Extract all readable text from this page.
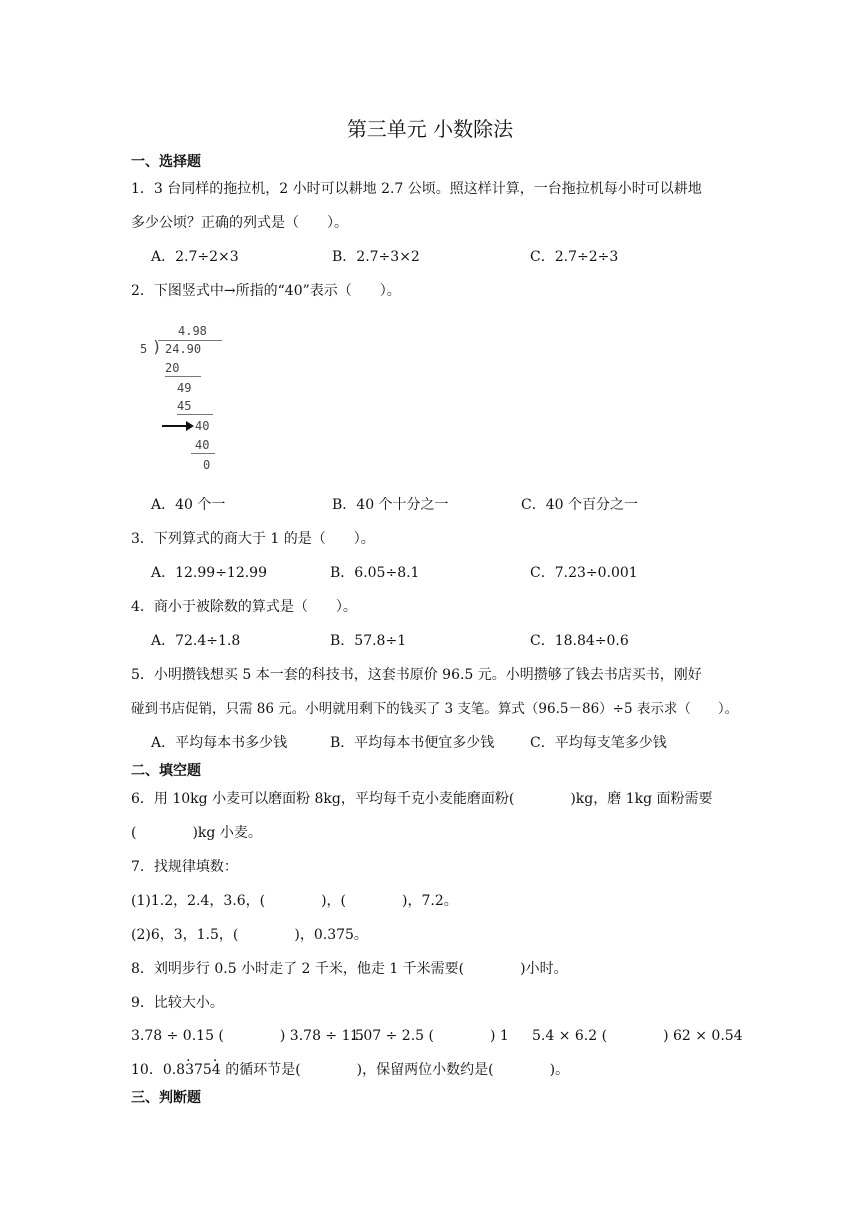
第三单元 小数除法
一、选择题
1．3 台同样的拖拉机，2 小时可以耕地 2.7 公顷。照这样计算，一台拖拉机每小时可以耕地
多少公顷？正确的列式是（　　）。
A．2.7÷2×3	B．2.7÷3×2	C．2.7÷2÷3
2．下图竖式中→所指的“40”表示（　　）。
4.98
5 ) 24.90
20
49
45
40
40
0
A．40 个一	B．40 个十分之一	C．40 个百分之一
3．下列算式的商大于 1 的是（　　）。
A．12.99÷12.99	B．6.05÷8.1	C．7.23÷0.001
4．商小于被除数的算式是（　　）。
A．72.4÷1.8	B．57.8÷1	C．18.84÷0.6
5．小明攒钱想买 5 本一套的科技书，这套书原价 96.5 元。小明攒够了钱去书店买书，刚好
碰到书店促销，只需 86 元。小明就用剩下的钱买了 3 支笔。算式（96.5－86）÷5 表示求（　　）。
A．平均每本书多少钱	B．平均每本书便宜多少钱	C．平均每支笔多少钱
二、填空题
6．用 10kg 小麦可以磨面粉 8kg，平均每千克小麦能磨面粉(　　　　)kg，磨 1kg 面粉需要
(　　　　)kg 小麦。
7．找规律填数：
(1)1.2，2.4，3.6，(　　　　)，(　　　　)，7.2。
(2)6，3，1.5，(　　　　)，0.375。
8．刘明步行 0.5 小时走了 2 千米，他走 1 千米需要(　　　　)小时。
9．比较大小。
3.78 ÷ 0.15 (　　　　) 3.78 ÷ 1.5
1.07 ÷ 2.5 (　　　　) 1 5.4 × 6.2 (　　　　) 62 × 0.54
10．0.8· 375· 4 的循环节是(　　　　)，保留两位小数约是(　　　　)。
三、判断题
